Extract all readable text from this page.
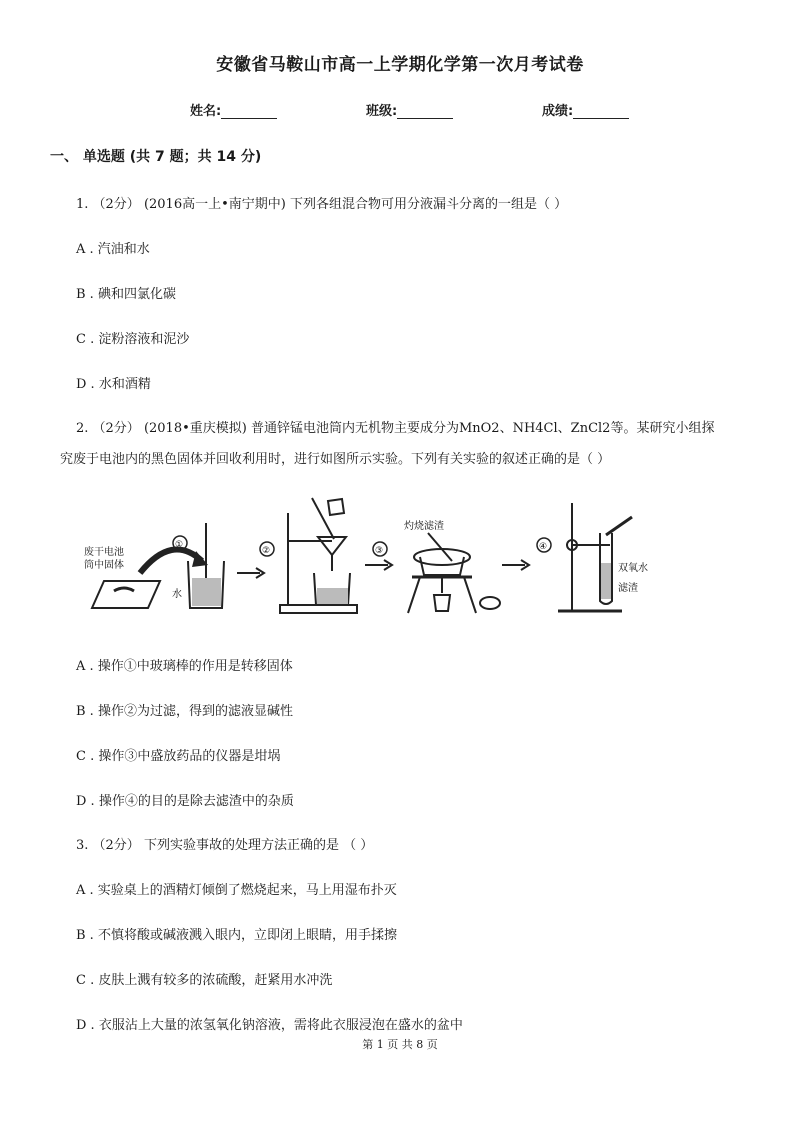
安徽省马鞍山市高一上学期化学第一次月考试卷
姓名:	班级:	成绩:
一、 单选题 (共 7 题；共 14 分)
1. （2分） (2016高一上•南宁期中) 下列各组混合物可用分液漏斗分离的一组是（ ）
A . 汽油和水
B . 碘和四氯化碳
C . 淀粉溶液和泥沙
D . 水和酒精
2. （2分） (2018•重庆模拟) 普通锌锰电池筒内无机物主要成分为MnO2、NH4Cl、ZnCl2等。某研究小组探
究废于电池内的黑色固体并回收利用时，进行如图所示实验。下列有关实验的叙述正确的是（ ）
废干电池
筒中固体
水
①
②	③	④
灼烧滤渣
双氧水
滤渣
A . 操作①中玻璃棒的作用是转移固体
B . 操作②为过滤，得到的滤液显碱性
C . 操作③中盛放药品的仪器是坩埚
D . 操作④的目的是除去滤渣中的杂质
3. （2分） 下列实验事故的处理方法正确的是 （ ）
A . 实验桌上的酒精灯倾倒了燃烧起来，马上用湿布扑灭
B . 不慎将酸或碱液溅入眼内，立即闭上眼睛，用手揉擦
C . 皮肤上溅有较多的浓硫酸，赶紧用水冲洗
D . 衣服沾上大量的浓氢氧化钠溶液，需将此衣服浸泡在盛水的盆中
第 1 页 共 8 页
